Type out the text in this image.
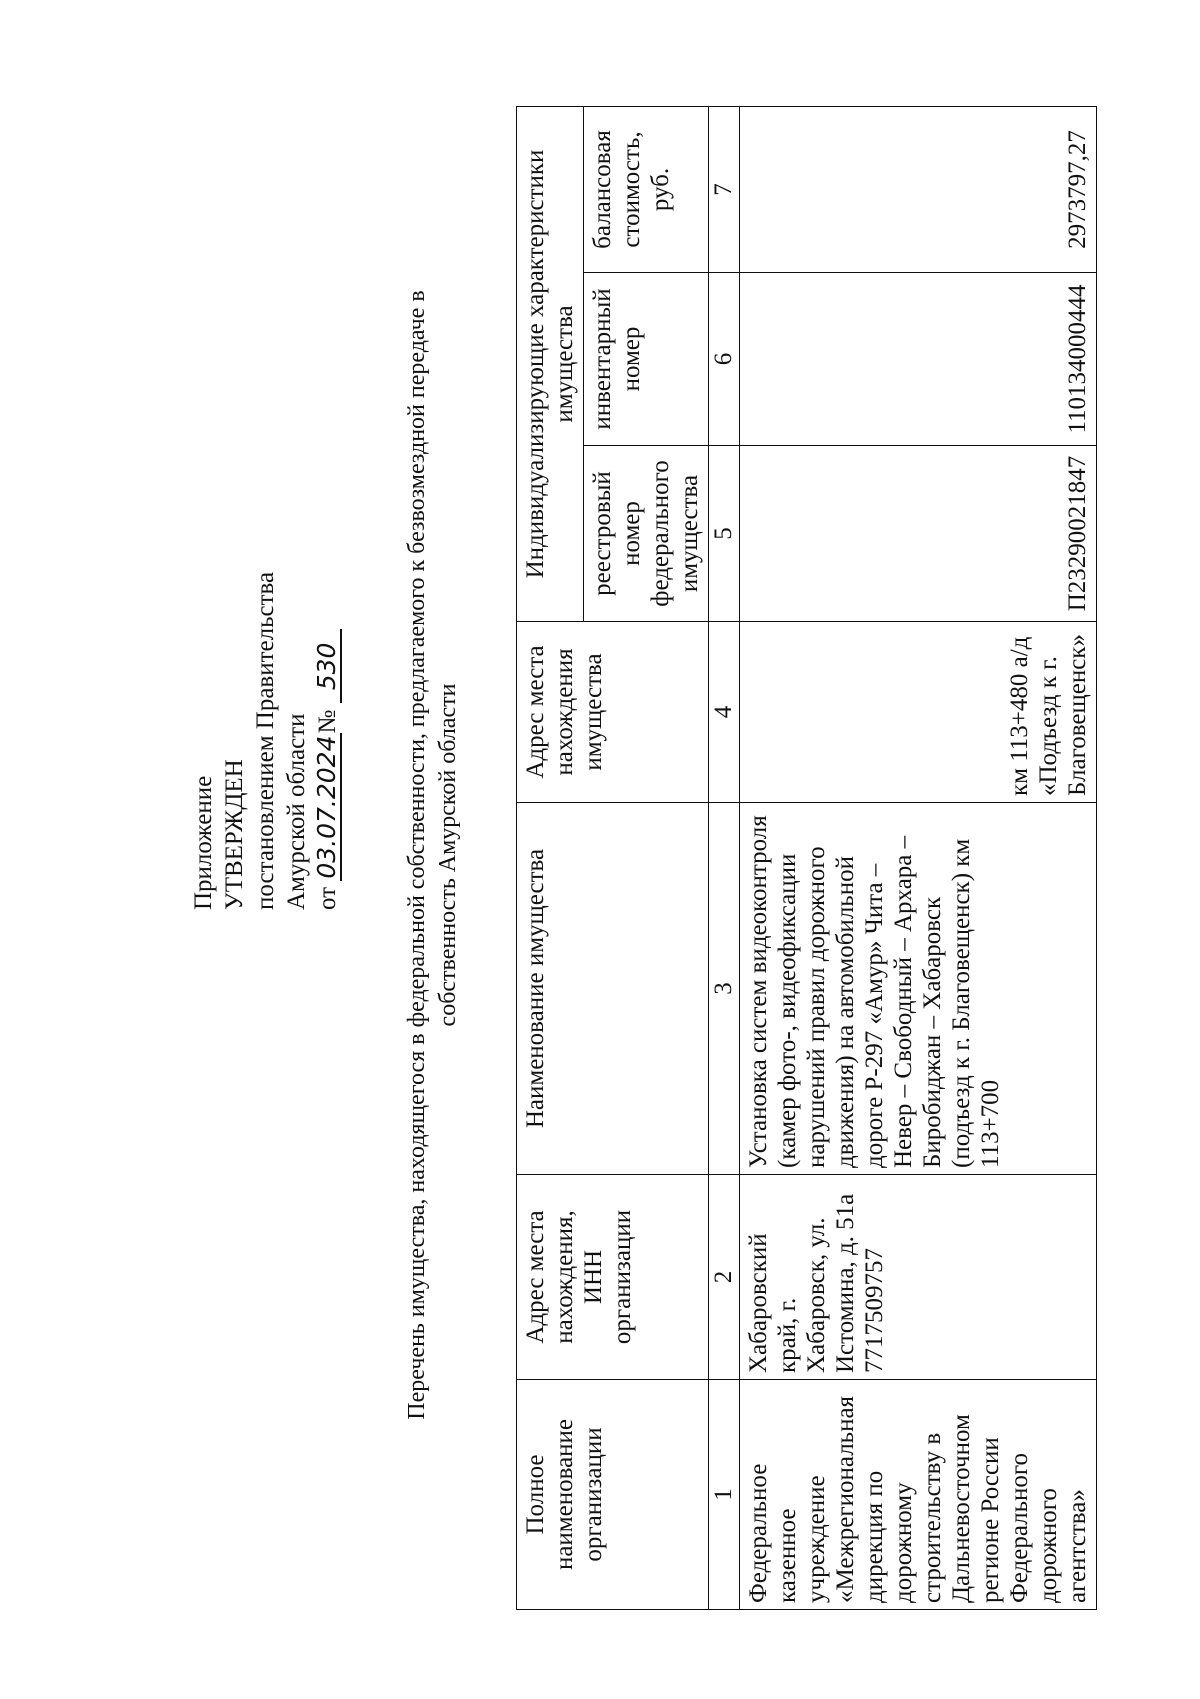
Приложение УТВЕРЖДЕН постановлением Правительства Амурской области от 03.07.2024№ 530	Перечень имущества, находящегося в федеральной собственности, предлагаемого к безвозмездной передаче в собственность Амурской области
Полное наименование организации	Адрес места нахождения, ИНН организации	Наименование имущества	Адрес места нахождения имущества	Индивидуализирующие характеристики имущества		
				реестровый номер федерального имущества	инвентарный номер	балансовая стоимость, руб.
1	2	3	4	5	6	7
Федеральное казенное учреждение «Межрегиональная дирекция по дорожному строительству в Дальневосточном регионе России Федерального дорожного агентства»	Хабаровский край, г. Хабаровск, ул. Истомина, д. 51а 7717509757	Установка систем видеоконтроля (камер фото-, видеофиксации нарушений правил дорожного движения) на автомобильной дороге Р-297 «Амур» Чита – Невер – Свободный – Архара – Биробиджан – Хабаровск (подъезд к г. Благовещенск) км 113+700	км 113+480 а/д «Подъезд к г. Благовещенск»	П23290021847	110134000444	2973797,27
